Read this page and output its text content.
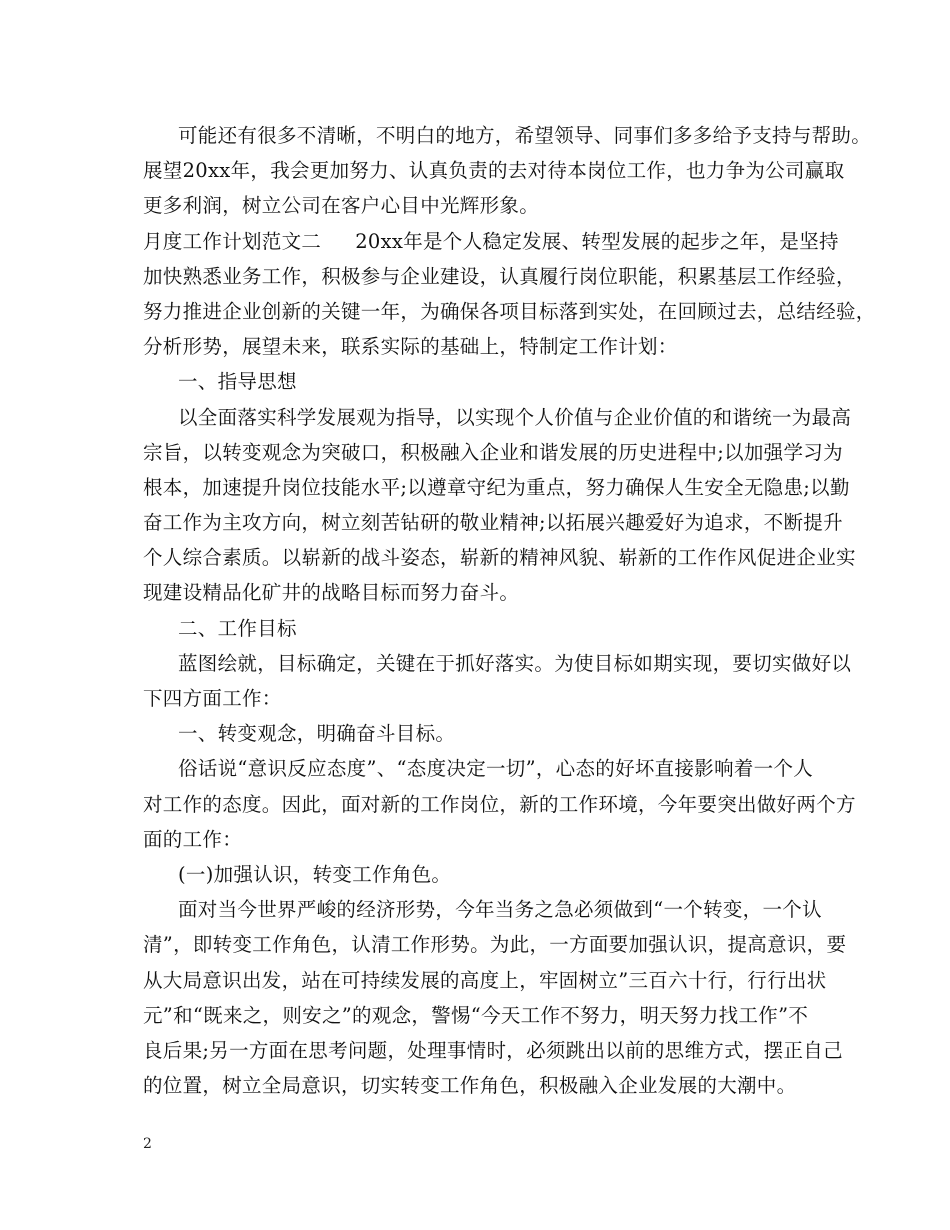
可能还有很多不清晰，不明白的地方，希望领导、同事们多多给予支持与帮助。
展望20xx年，我会更加努力、认真负责的去对待本岗位工作，也力争为公司赢取
更多利润，树立公司在客户心目中光辉形象。
月度工作计划范文二 20xx年是个人稳定发展、转型发展的起步之年，是坚持
加快熟悉业务工作，积极参与企业建设，认真履行岗位职能，积累基层工作经验，
努力推进企业创新的关键一年，为确保各项目标落到实处，在回顾过去，总结经验，
分析形势，展望未来，联系实际的基础上，特制定工作计划：
一、指导思想
以全面落实科学发展观为指导，以实现个人价值与企业价值的和谐统一为最高
宗旨，以转变观念为突破口，积极融入企业和谐发展的历史进程中;以加强学习为
根本，加速提升岗位技能水平;以遵章守纪为重点，努力确保人生安全无隐患;以勤
奋工作为主攻方向，树立刻苦钻研的敬业精神;以拓展兴趣爱好为追求，不断提升
个人综合素质。以崭新的战斗姿态，崭新的精神风貌、崭新的工作作风促进企业实
现建设精品化矿井的战略目标而努力奋斗。
二、工作目标
蓝图绘就，目标确定，关键在于抓好落实。为使目标如期实现，要切实做好以
下四方面工作：
一、转变观念，明确奋斗目标。
俗话说“意识反应态度”、“态度决定一切”，心态的好坏直接影响着一个人
对工作的态度。因此，面对新的工作岗位，新的工作环境，今年要突出做好两个方
面的工作：
(一)加强认识，转变工作角色。
面对当今世界严峻的经济形势，今年当务之急必须做到“一个转变，一个认
清”，即转变工作角色，认清工作形势。为此，一方面要加强认识，提高意识，要
从大局意识出发，站在可持续发展的高度上，牢固树立”三百六十行，行行出状
元”和“既来之，则安之”的观念，警惕“今天工作不努力，明天努力找工作”不
良后果;另一方面在思考问题，处理事情时，必须跳出以前的思维方式，摆正自己
的位置，树立全局意识，切实转变工作角色，积极融入企业发展的大潮中。
2
